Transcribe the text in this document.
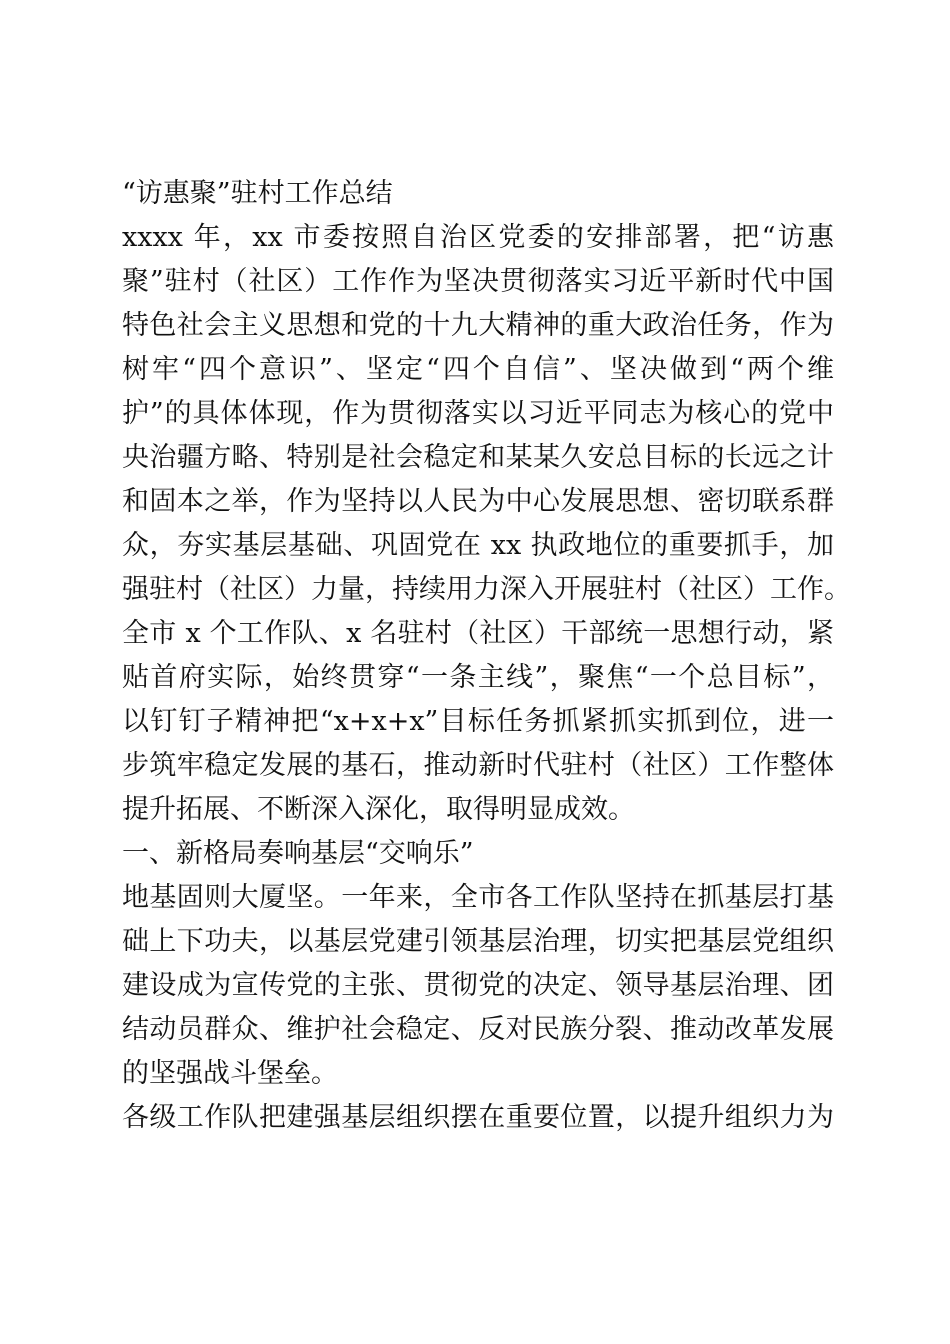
“访惠聚”驻村工作总结
xxxx 年，xx 市委按照自治区党委的安排部署，把“访惠
聚”驻村（社区）工作作为坚决贯彻落实习近平新时代中国
特色社会主义思想和党的十九大精神的重大政治任务，作为
树牢“四个意识”、坚定“四个自信”、坚决做到“两个维
护”的具体体现，作为贯彻落实以习近平同志为核心的党中
央治疆方略、特别是社会稳定和某某久安总目标的长远之计
和固本之举，作为坚持以人民为中心发展思想、密切联系群
众，夯实基层基础、巩固党在 xx 执政地位的重要抓手，加
强驻村（社区）力量，持续用力深入开展驻村（社区）工作。
全市 x 个工作队、x 名驻村（社区）干部统一思想行动，紧
贴首府实际，始终贯穿“一条主线”，聚焦“一个总目标”，
以钉钉子精神把“x+x+x”目标任务抓紧抓实抓到位，进一
步筑牢稳定发展的基石，推动新时代驻村（社区）工作整体
提升拓展、不断深入深化，取得明显成效。
一、新格局奏响基层“交响乐”
地基固则大厦坚。一年来，全市各工作队坚持在抓基层打基
础上下功夫，以基层党建引领基层治理，切实把基层党组织
建设成为宣传党的主张、贯彻党的决定、领导基层治理、团
结动员群众、维护社会稳定、反对民族分裂、推动改革发展
的坚强战斗堡垒。
各级工作队把建强基层组织摆在重要位置，以提升组织力为
